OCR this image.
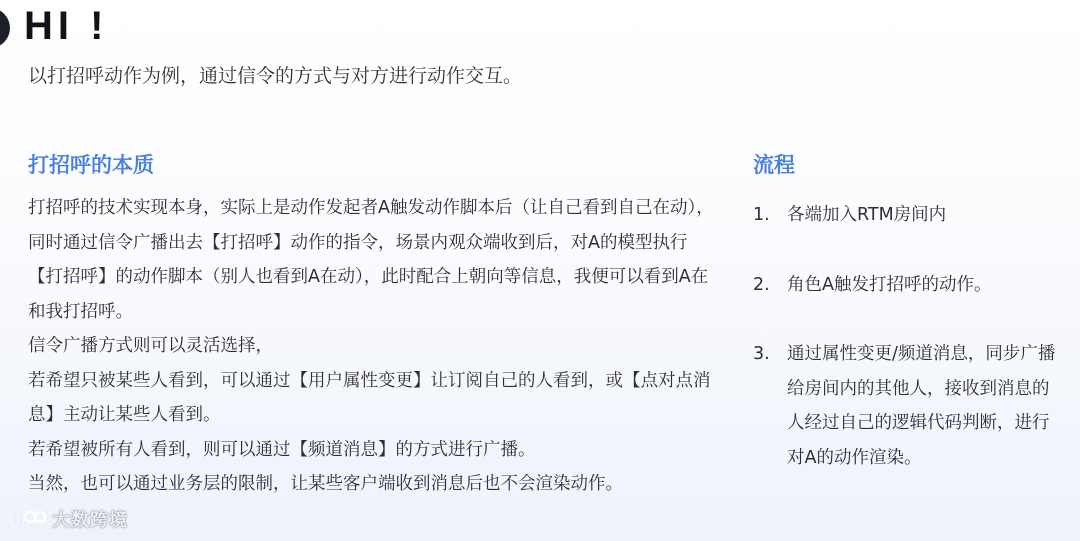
HI !
以打招呼动作为例，通过信令的方式与对方进行动作交互。
打招呼的本质

打招呼的技术实现本身，实际上是动作发起者A触发动作脚本后（让自己看到自己在动），同时通过信令广播出去【打招呼】动作的指令，场景内观众端收到后，对A的模型执行【打招呼】的动作脚本（别人也看到A在动），此时配合上朝向等信息，我便可以看到A在和我打招呼。

信令广播方式则可以灵活选择，

若希望只被某些人看到，可以通过【用户属性变更】让订阅自己的人看到，或【点对点消息】主动让某些人看到。

若希望被所有人看到，则可以通过【频道消息】的方式进行广播。

当然，也可以通过业务层的限制，让某些客户端收到消息后也不会渲染动作。

流程
1. 各端加入RTM房间内
2. 角色A触发打招呼的动作。
3. 通过属性变更/频道消息，同步广播给房间内的其他人，接收到消息的人经过自己的逻辑代码判断，进行对A的动作渲染。
大数跨境
